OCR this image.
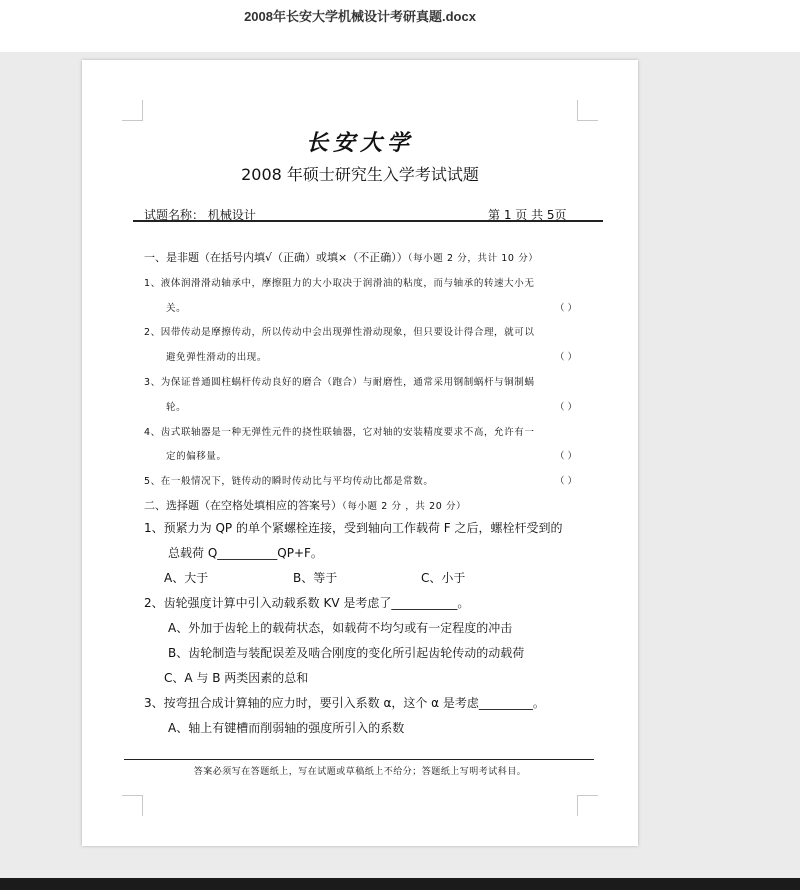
2008年长安大学机械设计考研真题.docx
长安大学
2008 年硕士研究生入学考试试题
试题名称： 机械设计	第 1 页 共 5页
一、是非题（在括号内填√（正确）或填×（不正确））（每小题 2 分，共计 10 分）
1、液体润滑滑动轴承中，摩擦阻力的大小取决于润滑油的粘度，而与轴承的转速大小无
关。	（ ）
2、因带传动是摩擦传动，所以传动中会出现弹性滑动现象，但只要设计得合理，就可以
避免弹性滑动的出现。	（ ）
3、为保证普通圆柱蜗杆传动良好的磨合（跑合）与耐磨性，通常采用钢制蜗杆与铜制蜗
轮。	（ ）
4、齿式联轴器是一种无弹性元件的挠性联轴器，它对轴的安装精度要求不高，允许有一
定的偏移量。	（ ）
5、在一般情况下，链传动的瞬时传动比与平均传动比都是常数。	（ ）
二、选择题（在空格处填相应的答案号）（每小题 2 分 ，共 20 分）
1、预紧力为 QP 的单个紧螺栓连接，受到轴向工作载荷 F 之后，螺栓杆受到的
总载荷 Q__________QP+F。
A、大于	B、等于	C、小于
2、齿轮强度计算中引入动载系数 KV 是考虑了___________。
A、外加于齿轮上的载荷状态，如载荷不均匀或有一定程度的冲击
B、齿轮制造与装配误差及啮合刚度的变化所引起齿轮传动的动载荷
C、A 与 B 两类因素的总和
3、按弯扭合成计算轴的应力时，要引入系数 α，这个 α 是考虑_________。
A、轴上有键槽而削弱轴的强度所引入的系数
答案必须写在答题纸上，写在试题或草稿纸上不给分；答题纸上写明考试科目。
